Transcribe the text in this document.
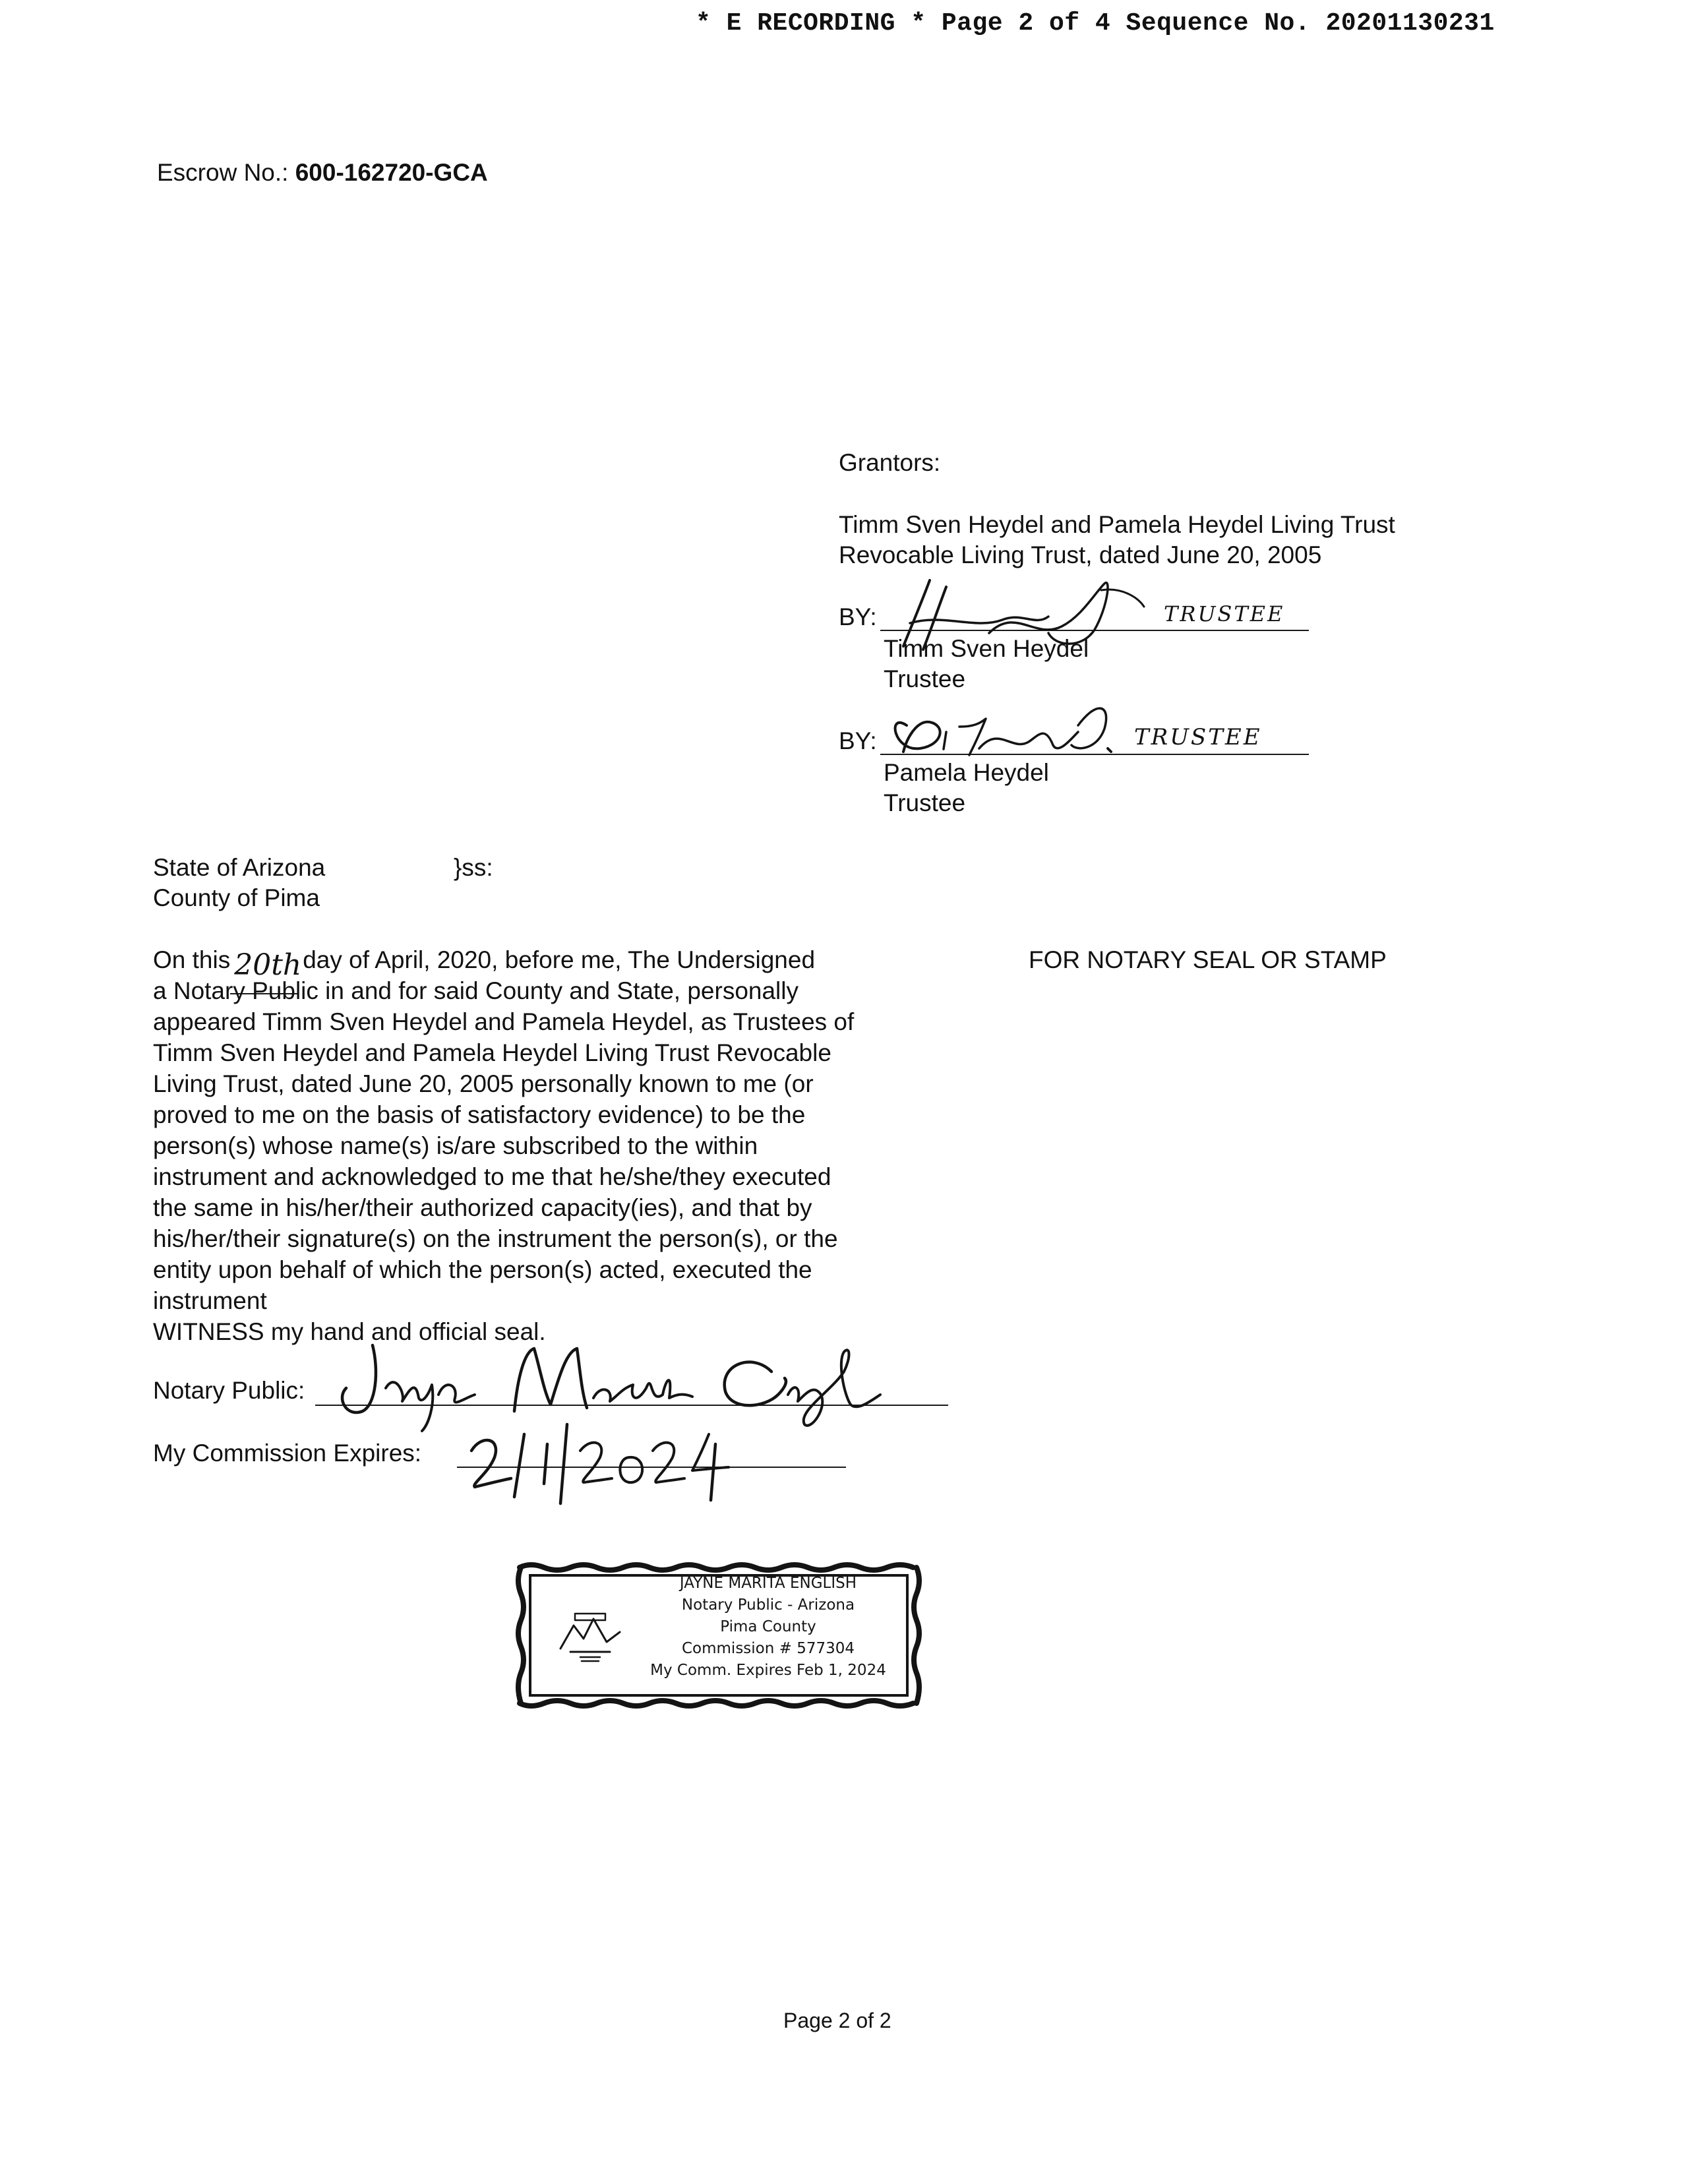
* E RECORDING * Page 2 of 4 Sequence No. 20201130231
Escrow No.: 600-162720-GCA
Grantors:
Timm Sven Heydel and Pamela Heydel Living Trust
Revocable Living Trust, dated June 20, 2005
BY:	TRUSTEE
Timm Sven Heydel
Trustee
BY:	TRUSTEE
Pamela Heydel
Trustee
State of Arizona	}ss:
County of Pima
On this 20th day of April, 2020, before me, The Undersigned
a Notary Public in and for said County and State, personally
appeared Timm Sven Heydel and Pamela Heydel, as Trustees of
Timm Sven Heydel and Pamela Heydel Living Trust Revocable
Living Trust, dated June 20, 2005 personally known to me (or
proved to me on the basis of satisfactory evidence) to be the
person(s) whose name(s) is/are subscribed to the within
instrument and acknowledged to me that he/she/they executed
the same in his/her/their authorized capacity(ies), and that by
his/her/their signature(s) on the instrument the person(s), or the
entity upon behalf of which the person(s) acted, executed the
instrument
WITNESS my hand and official seal.
FOR NOTARY SEAL OR STAMP
Notary Public:
My Commission Expires:
JAYNE MARITA ENGLISH
Notary Public - Arizona
Pima County
Commission # 577304
My Comm. Expires Feb 1, 2024
Page 2 of 2
